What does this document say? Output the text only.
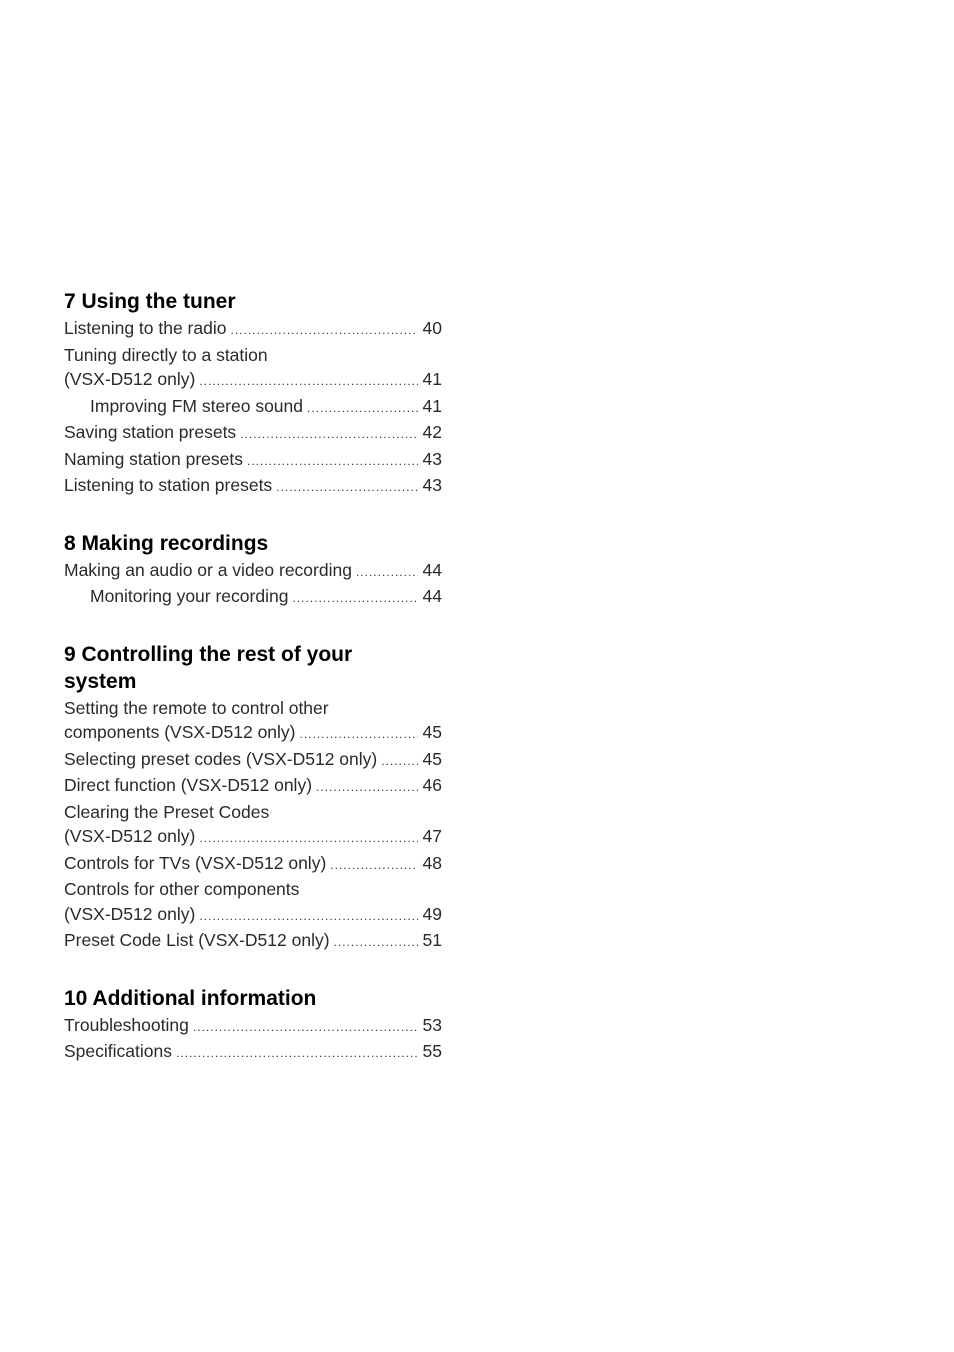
7 Using the tuner
Listening to the radio .....	40
Tuning directly to a station
(VSX-D512 only) .....	41
Improving FM stereo sound .....	41
Saving station presets .....	42
Naming station presets .....	43
Listening to station presets .....	43
8 Making recordings
Making an audio or a video recording .....	44
Monitoring your recording .....	44
9 Controlling the rest of your
system
Setting the remote to control other
components (VSX-D512 only) .....	45
Selecting preset codes (VSX-D512 only) .....	45
Direct function (VSX-D512 only) .....	46
Clearing the Preset Codes
(VSX-D512 only) .....	47
Controls for TVs (VSX-D512 only) .....	48
Controls for other components
(VSX-D512 only) .....	49
Preset Code List (VSX-D512 only) .....	51
10 Additional information
Troubleshooting .....	53
Specifications .....	55
